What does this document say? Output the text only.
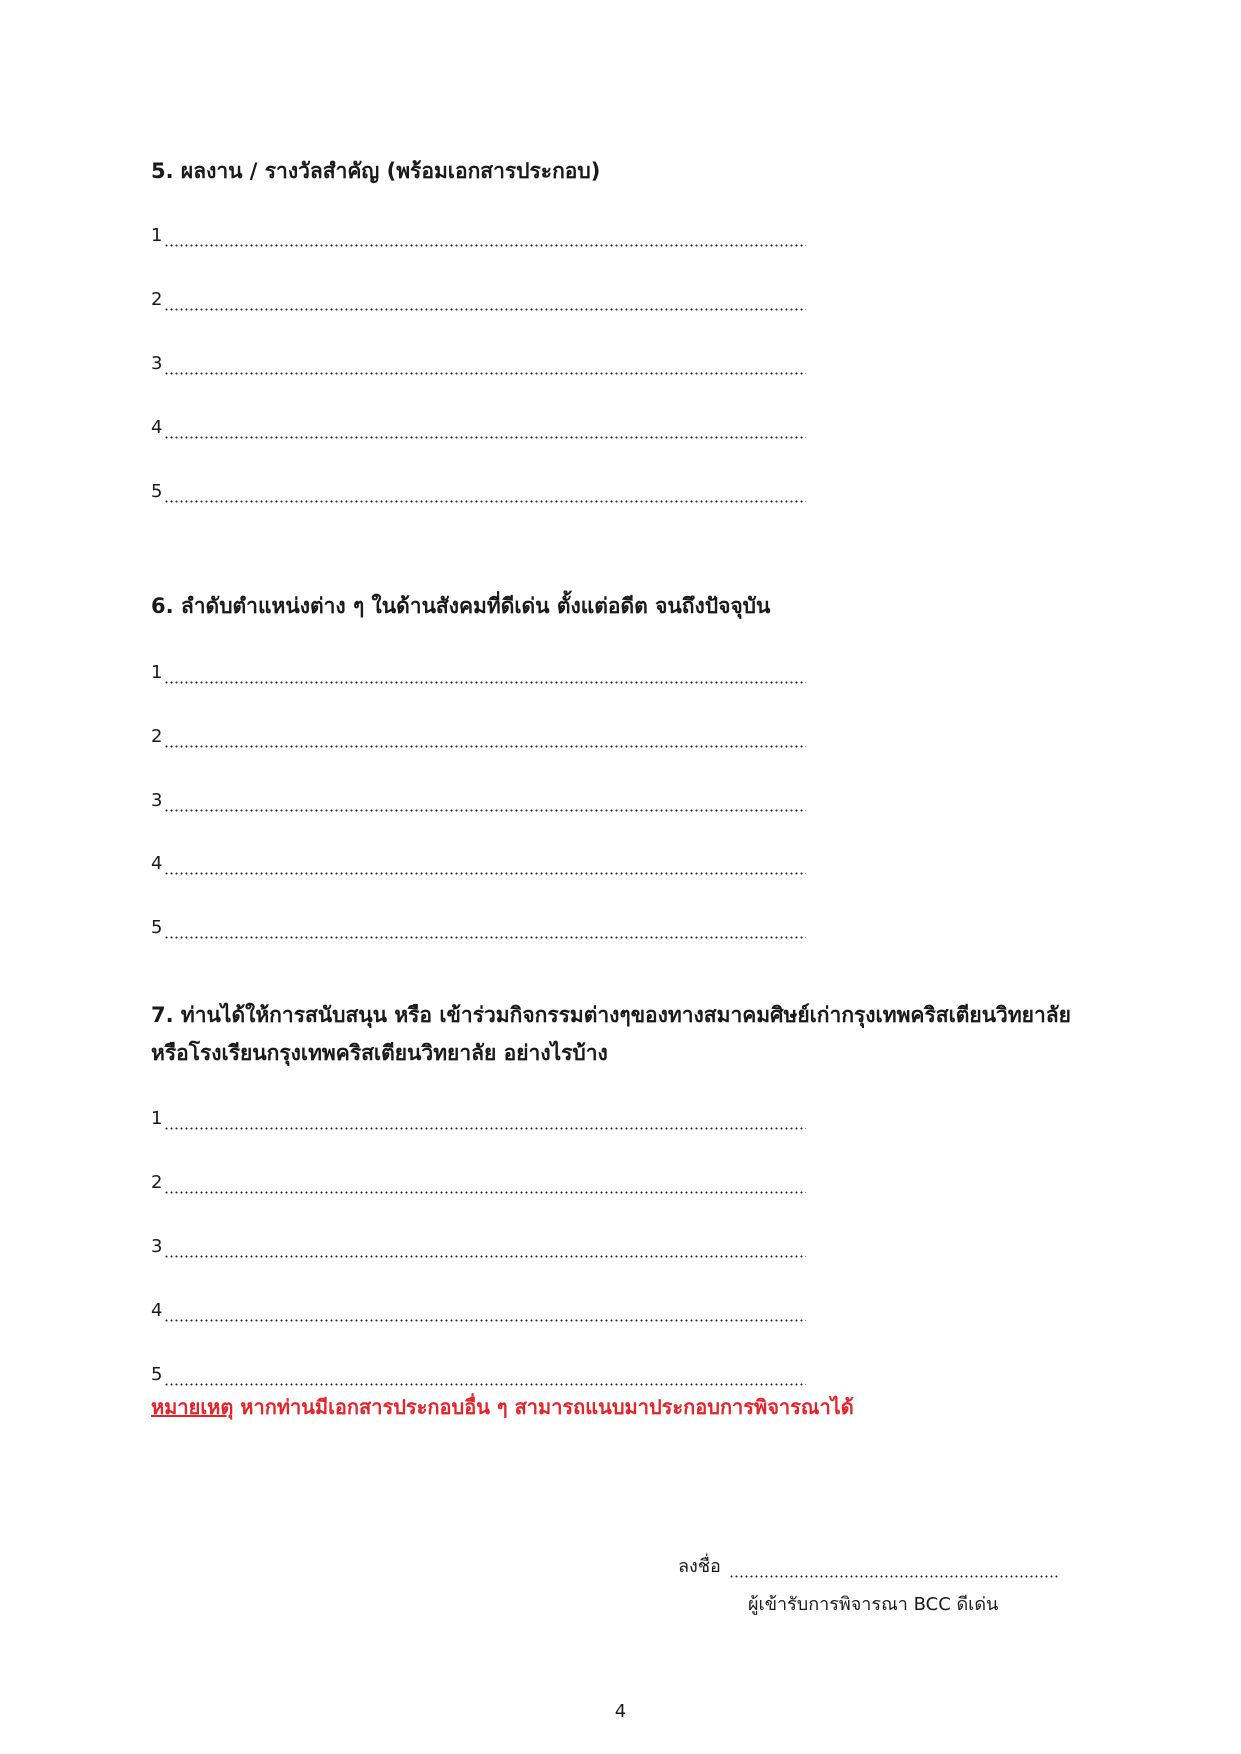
5. ผลงาน / รางวัลสำคัญ (พร้อมเอกสารประกอบ)
1
2
3
4
5
6. ลำดับตำแหน่งต่าง ๆ ในด้านสังคมที่ดีเด่น ตั้งแต่อดีต จนถึงปัจจุบัน
1
2
3
4
5
7. ท่านได้ให้การสนับสนุน หรือ เข้าร่วมกิจกรรมต่างๆของทางสมาคมศิษย์เก่ากรุงเทพคริสเตียนวิทยาลัย
หรือโรงเรียนกรุงเทพคริสเตียนวิทยาลัย อย่างไรบ้าง
1
2
3
4
5
หมายเหตุ หากท่านมีเอกสารประกอบอื่น ๆ สามารถแนบมาประกอบการพิจารณาได้
ลงชื่อ
ผู้เข้ารับการพิจารณา BCC ดีเด่น
4
